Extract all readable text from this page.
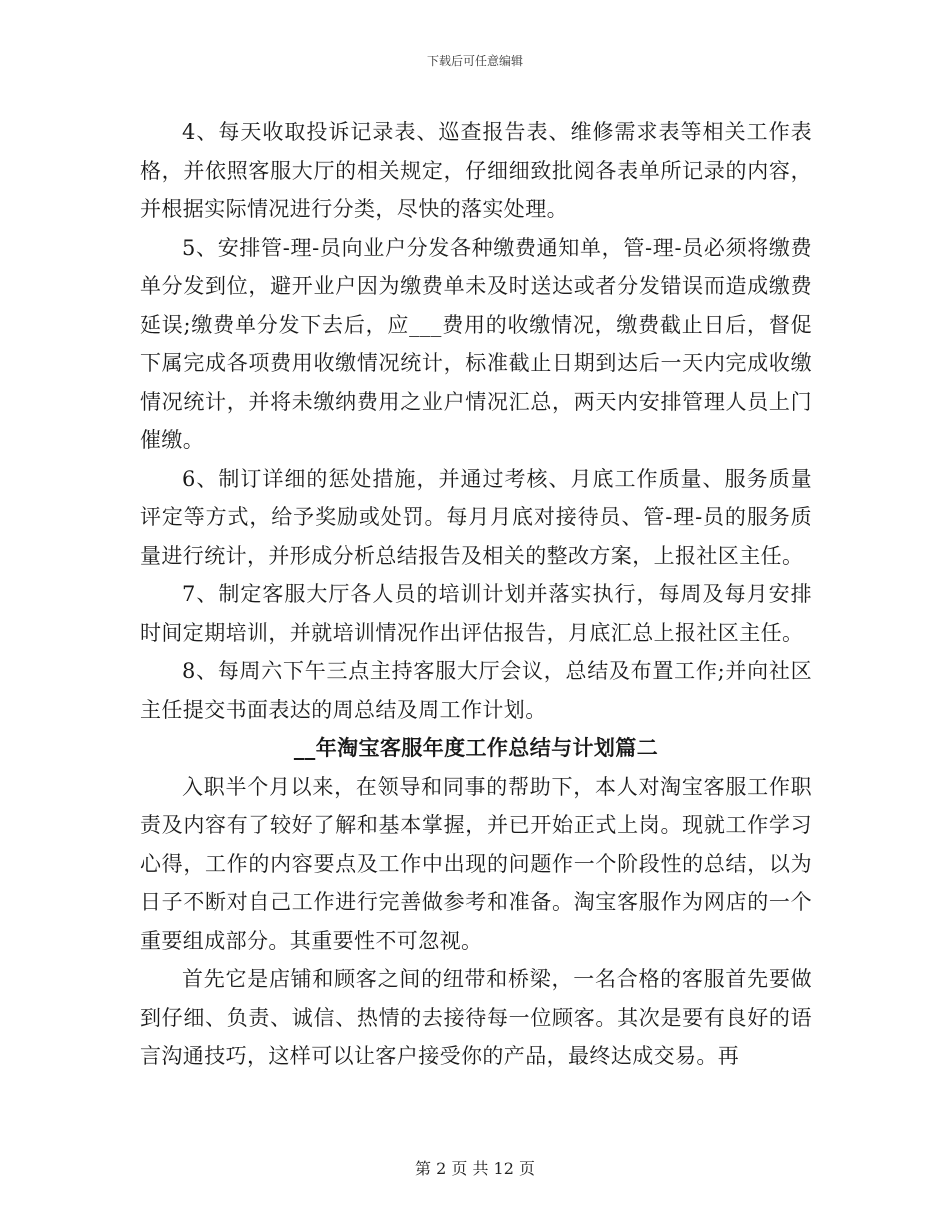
下载后可任意编辑

4、每天收取投诉记录表、巡查报告表、维修需求表等相关工作表格，并依照客服大厅的相关规定，仔细细致批阅各表单所记录的内容，并根据实际情况进行分类，尽快的落实处理。

5、安排管-理-员向业户分发各种缴费通知单，管-理-员必须将缴费单分发到位，避开业户因为缴费单未及时送达或者分发错误而造成缴费延误;缴费单分发下去后，应___费用的收缴情况，缴费截止日后，督促下属完成各项费用收缴情况统计，标准截止日期到达后一天内完成收缴情况统计，并将未缴纳费用之业户情况汇总，两天内安排管理人员上门催缴。

6、制订详细的惩处措施，并通过考核、月底工作质量、服务质量评定等方式，给予奖励或处罚。每月月底对接待员、管-理-员的服务质量进行统计，并形成分析总结报告及相关的整改方案，上报社区主任。

7、制定客服大厅各人员的培训计划并落实执行，每周及每月安排时间定期培训，并就培训情况作出评估报告，月底汇总上报社区主任。

8、每周六下午三点主持客服大厅会议，总结及布置工作;并向社区主任提交书面表达的周总结及周工作计划。

__年淘宝客服年度工作总结与计划篇二

入职半个月以来，在领导和同事的帮助下，本人对淘宝客服工作职责及内容有了较好了解和基本掌握，并已开始正式上岗。现就工作学习心得，工作的内容要点及工作中出现的问题作一个阶段性的总结，以为日子不断对自己工作进行完善做参考和准备。淘宝客服作为网店的一个重要组成部分。其重要性不可忽视。

首先它是店铺和顾客之间的纽带和桥梁，一名合格的客服首先要做到仔细、负责、诚信、热情的去接待每一位顾客。其次是要有良好的语言沟通技巧，这样可以让客户接受你的产品，最终达成交易。再

第 2 页 共 12 页
